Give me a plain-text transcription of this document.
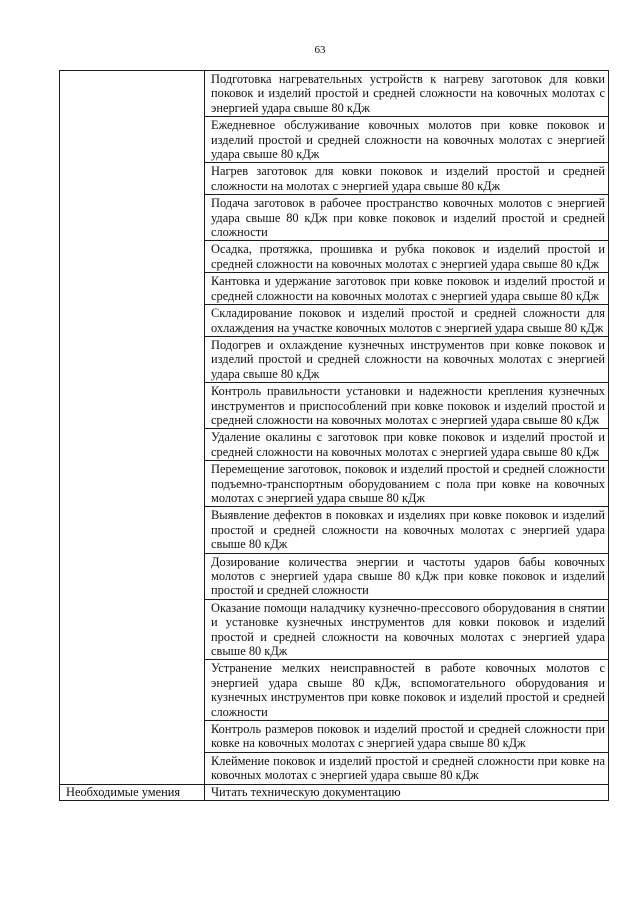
63
	Подготовка нагревательных устройств к нагреву заготовок для ковки поковок и изделий простой и средней сложности на ковочных молотах с энергией удара свыше 80 кДж
	Ежедневное обслуживание ковочных молотов при ковке поковок и изделий простой и средней сложности на ковочных молотах с энергией удара свыше 80 кДж
	Нагрев заготовок для ковки поковок и изделий простой и средней сложности на молотах с энергией удара свыше 80 кДж
	Подача заготовок в рабочее пространство ковочных молотов с энергией удара свыше 80 кДж при ковке поковок и изделий простой и средней сложности
	Осадка, протяжка, прошивка и рубка поковок и изделий простой и средней сложности на ковочных молотах с энергией удара свыше 80 кДж
	Кантовка и удержание заготовок при ковке поковок и изделий простой и средней сложности на ковочных молотах с энергией удара свыше 80 кДж
	Складирование поковок и изделий простой и средней сложности для охлаждения на участке ковочных молотов с энергией удара свыше 80 кДж
	Подогрев и охлаждение кузнечных инструментов при ковке поковок и изделий простой и средней сложности на ковочных молотах с энергией удара свыше 80 кДж
	Контроль правильности установки и надежности крепления кузнечных инструментов и приспособлений при ковке поковок и изделий простой и средней сложности на ковочных молотах с энергией удара свыше 80 кДж
	Удаление окалины с заготовок при ковке поковок и изделий простой и средней сложности на ковочных молотах с энергией удара свыше 80 кДж
	Перемещение заготовок, поковок и изделий простой и средней сложности подъемно-транспортным оборудованием с пола при ковке на ковочных молотах с энергией удара свыше 80 кДж
	Выявление дефектов в поковках и изделиях при ковке поковок и изделий простой и средней сложности на ковочных молотах с энергией удара свыше 80 кДж
	Дозирование количества энергии и частоты ударов бабы ковочных молотов с энергией удара свыше 80 кДж при ковке поковок и изделий простой и средней сложности
	Оказание помощи наладчику кузнечно-прессового оборудования в снятии и установке кузнечных инструментов для ковки поковок и изделий простой и средней сложности на ковочных молотах с энергией удара свыше 80 кДж
	Устранение мелких неисправностей в работе ковочных молотов с энергией удара свыше 80 кДж, вспомогательного оборудования и кузнечных инструментов при ковке поковок и изделий простой и средней сложности
	Контроль размеров поковок и изделий простой и средней сложности при ковке на ковочных молотах с энергией удара свыше 80 кДж
	Клеймение поковок и изделий простой и средней сложности при ковке на ковочных молотах с энергией удара свыше 80 кДж
Необходимые умения	Читать техническую документацию
